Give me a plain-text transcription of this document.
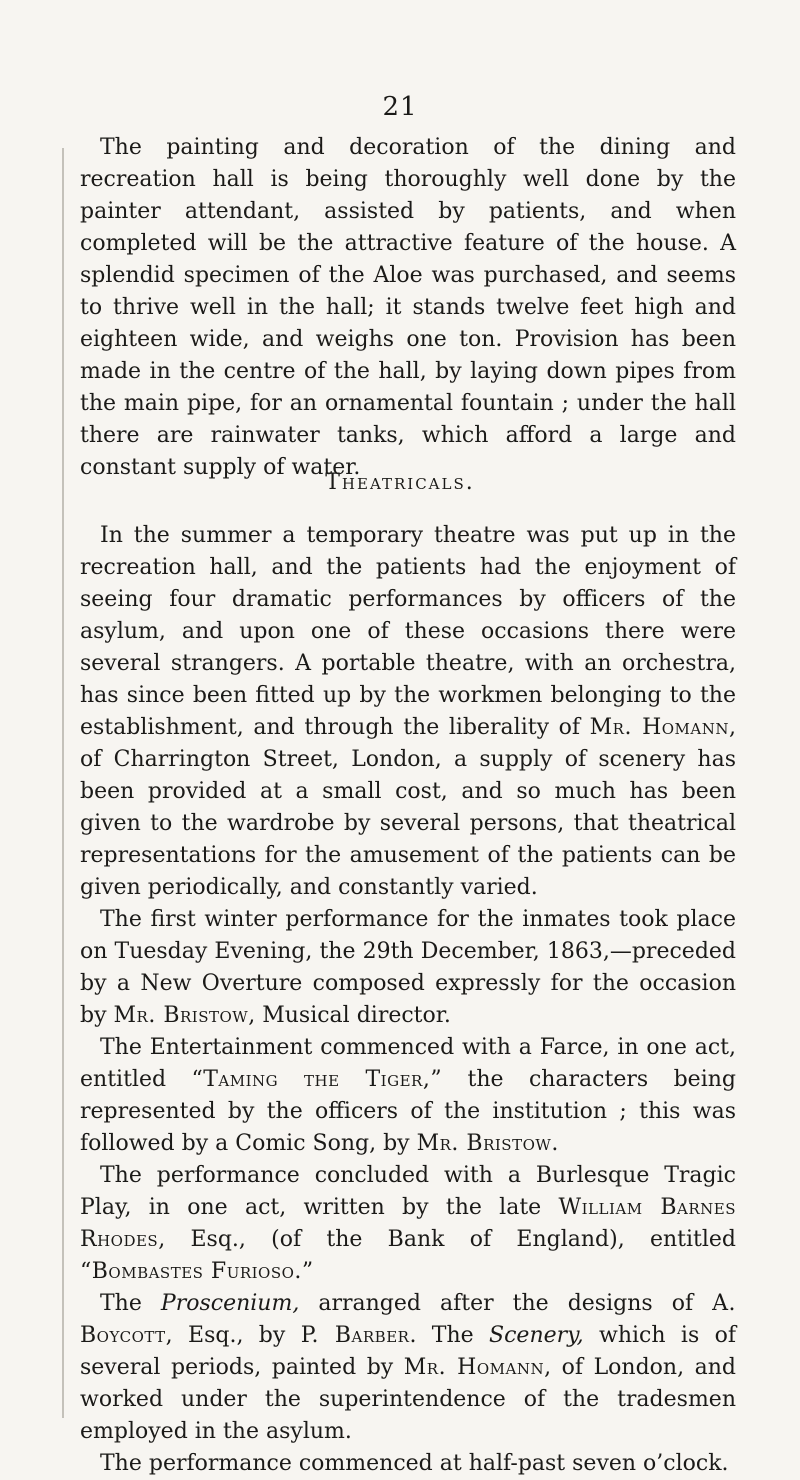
21

The painting and decoration of the dining and recreation hall is being thoroughly well done by the painter attendant, assisted by patients, and when completed will be the attractive feature of the house. A splendid specimen of the Aloe was purchased, and seems to thrive well in the hall; it stands twelve feet high and eighteen wide, and weighs one ton. Provision has been made in the centre of the hall, by laying down pipes from the main pipe, for an ornamental fountain ; under the hall there are rainwater tanks, which afford a large and constant supply of water.

Theatricals.

In the summer a temporary theatre was put up in the recreation hall, and the patients had the enjoyment of seeing four dramatic performances by officers of the asylum, and upon one of these occasions there were several strangers. A portable theatre, with an orchestra, has since been fitted up by the workmen belonging to the establishment, and through the liberality of Mr. Homann, of Charrington Street, London, a supply of scenery has been provided at a small cost, and so much has been given to the wardrobe by several persons, that theatrical representations for the amusement of the patients can be given periodically, and constantly varied.

The first winter performance for the inmates took place on Tuesday Evening, the 29th December, 1863,—preceded by a New Overture composed expressly for the occasion by Mr. Bristow, Musical director.

The Entertainment commenced with a Farce, in one act, entitled “Taming the Tiger,” the characters being represented by the officers of the institution ; this was followed by a Comic Song, by Mr. Bristow.

The performance concluded with a Burlesque Tragic Play, in one act, written by the late William Barnes Rhodes, Esq., (of the Bank of England), entitled “Bombastes Furioso.”

The Proscenium, arranged after the designs of A. Boycott, Esq., by P. Barber. The Scenery, which is of several periods, painted by Mr. Homann, of London, and worked under the superintendence of the tradesmen employed in the asylum.

The performance commenced at half-past seven o’clock.
